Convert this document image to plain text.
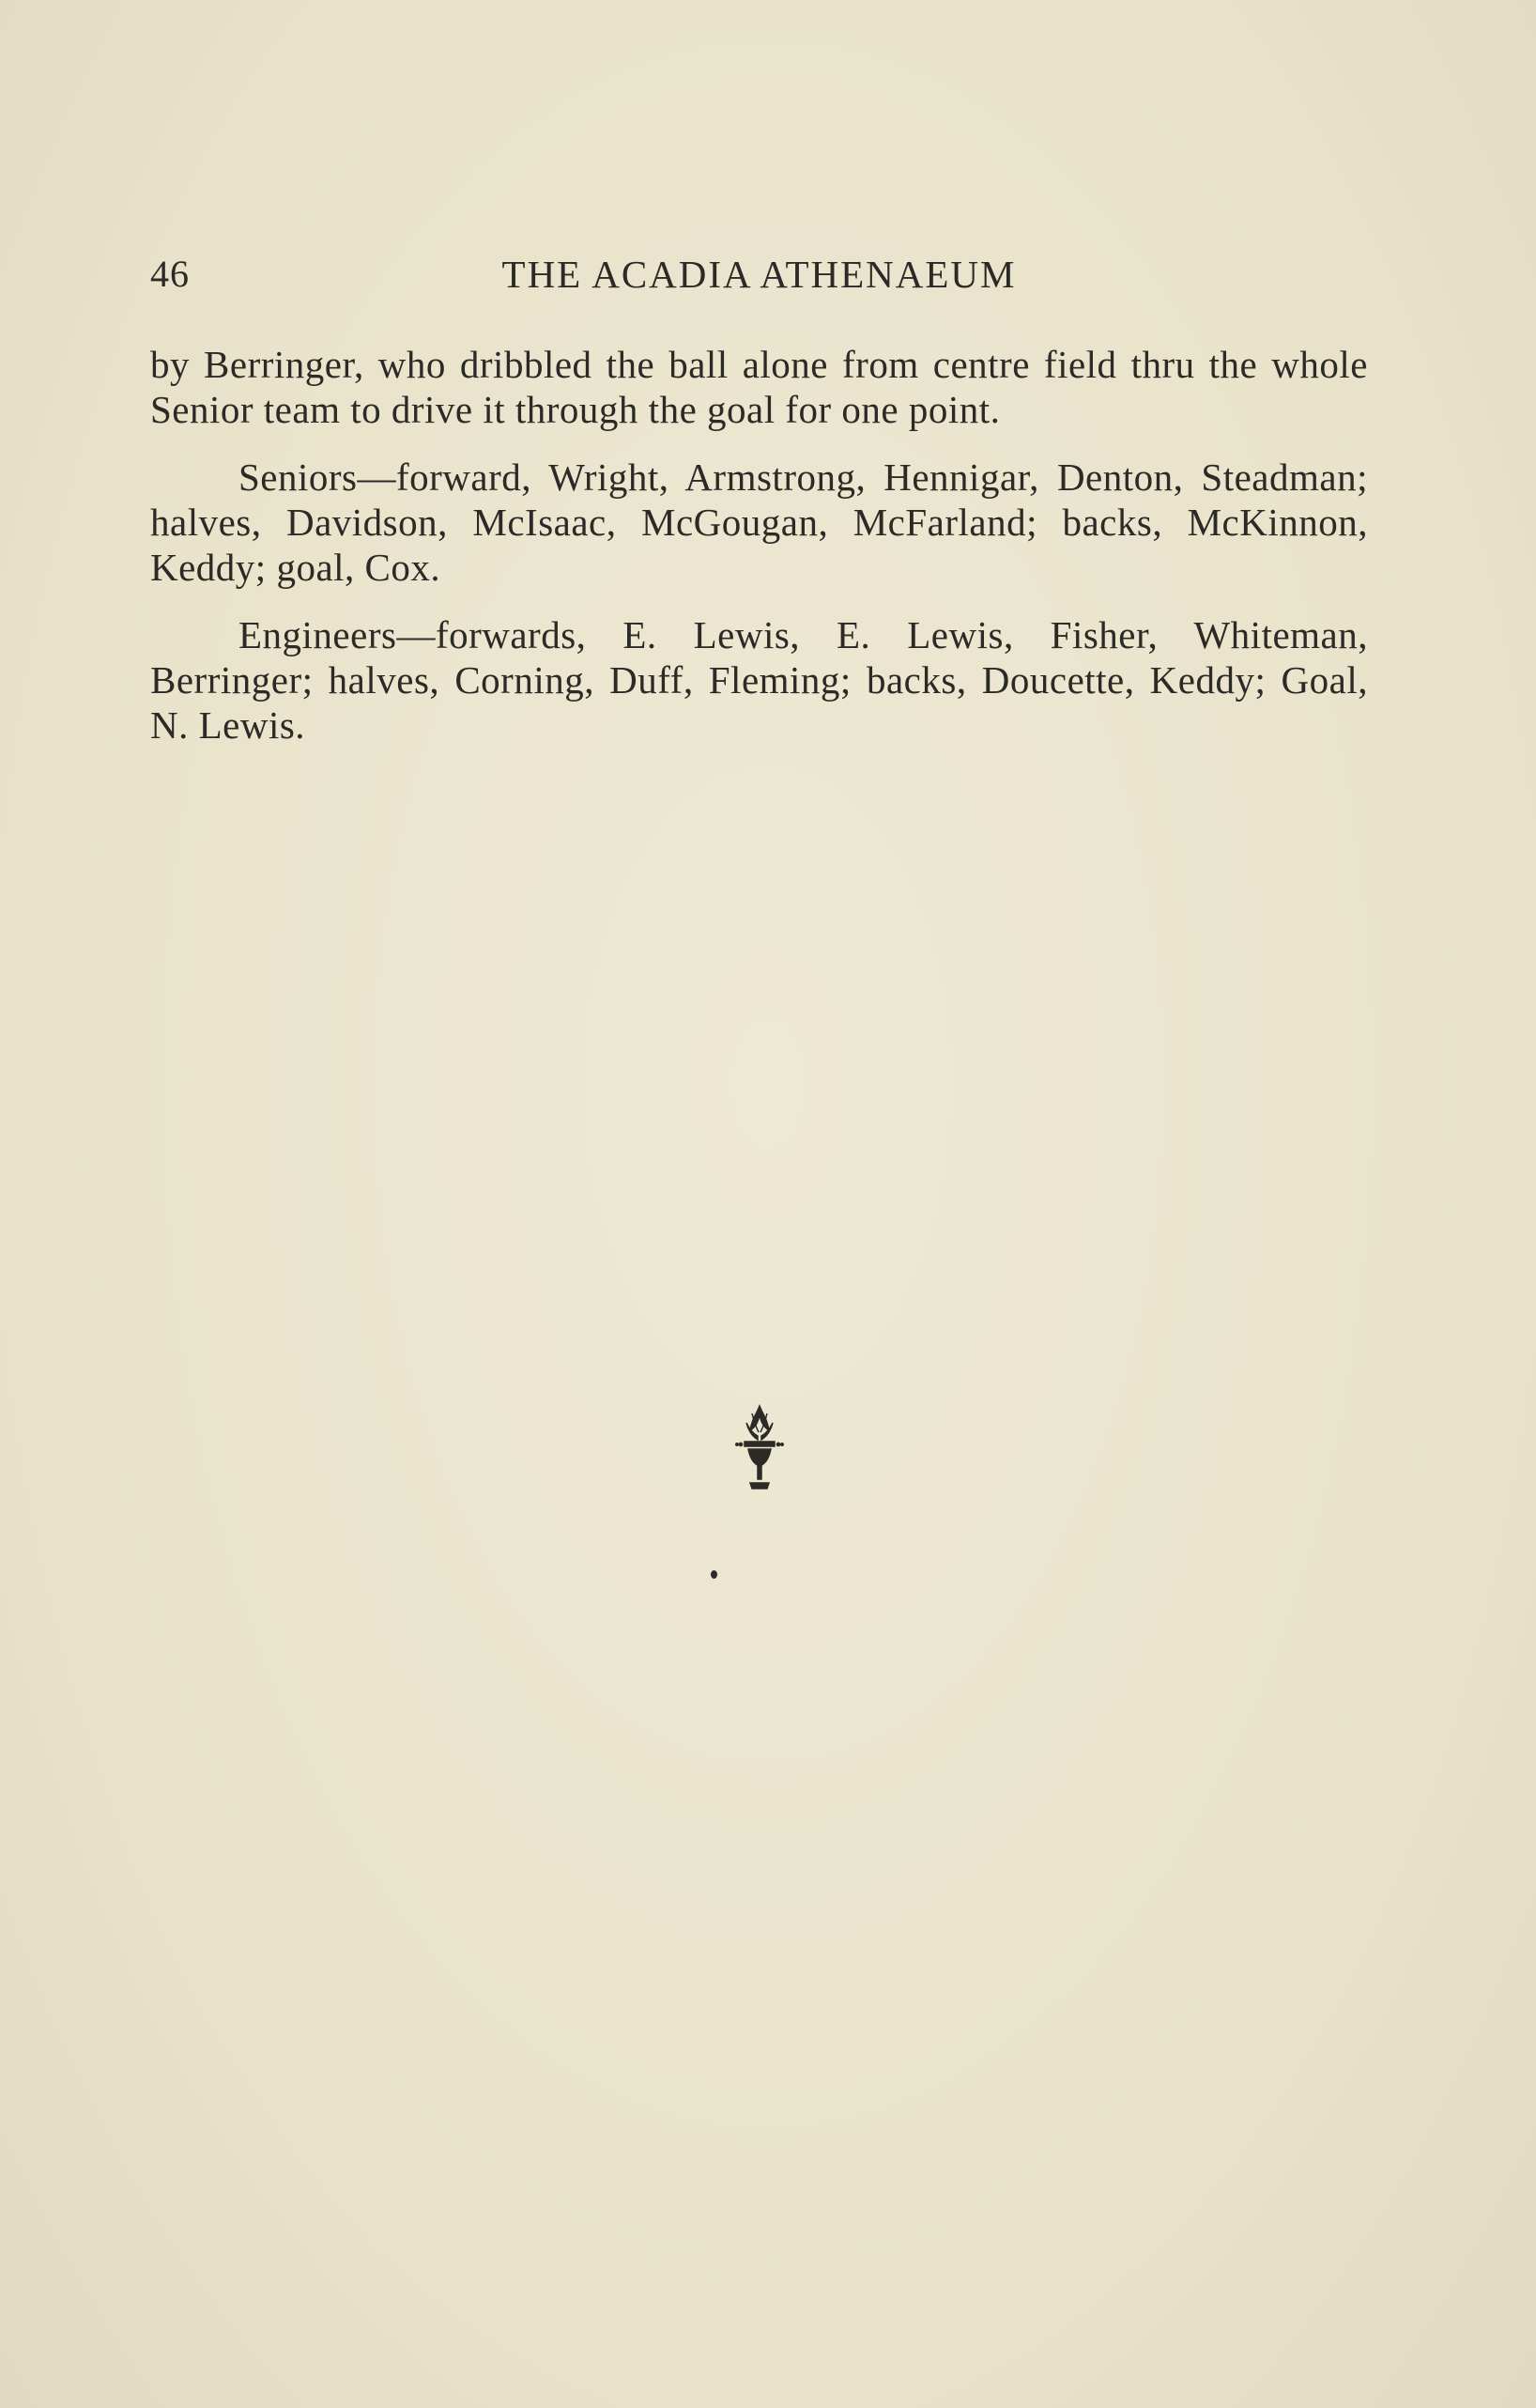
46	THE ACADIA ATHENAEUM

by Berringer, who dribbled the ball alone from centre field thru the whole Senior team to drive it through the goal for one point.

Seniors—forward, Wright, Armstrong, Hennigar, Denton, Steadman; halves, Davidson, McIsaac, McGougan, McFarland; backs, McKinnon, Keddy; goal, Cox.

Engineers—forwards, E. Lewis, E. Lewis, Fisher, Whiteman, Berringer; halves, Corning, Duff, Fleming; backs, Doucette, Keddy; Goal, N. Lewis.
